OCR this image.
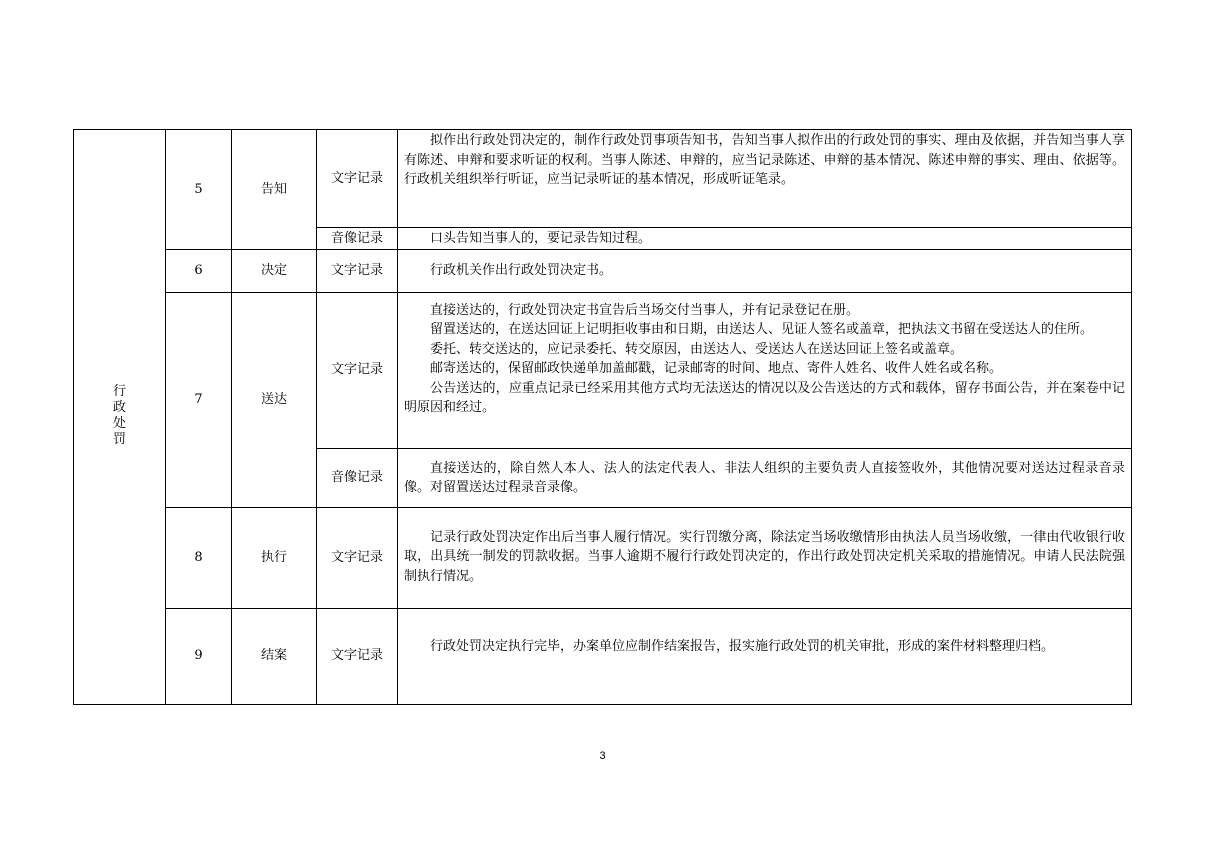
行政处罚	5	告知	文字记录	拟作出行政处罚决定的，制作行政处罚事项告知书，告知当事人拟作出的行政处罚的事实、理由及依据，并告知当事人享有陈述、申辩和要求听证的权利。当事人陈述、申辩的，应当记录陈述、申辩的基本情况、陈述申辩的事实、理由、依据等。行政机关组织举行听证，应当记录听证的基本情况，形成听证笔录。

			音像记录	口头告知当事人的，要记录告知过程。

	6	决定	文字记录	行政机关作出行政处罚决定书。

	7	送达	文字记录	直接送达的，行政处罚决定书宣告后当场交付当事人，并有记录登记在册。

留置送达的，在送达回证上记明拒收事由和日期，由送达人、见证人签名或盖章，把执法文书留在受送达人的住所。

委托、转交送达的，应记录委托、转交原因，由送达人、受送达人在送达回证上签名或盖章。

邮寄送达的，保留邮政快递单加盖邮戳，记录邮寄的时间、地点、寄件人姓名、收件人姓名或名称。

公告送达的，应重点记录已经采用其他方式均无法送达的情况以及公告送达的方式和载体，留存书面公告，并在案卷中记明原因和经过。

			音像记录	直接送达的，除自然人本人、法人的法定代表人、非法人组织的主要负责人直接签收外，其他情况要对送达过程录音录像。对留置送达过程录音录像。

	8	执行	文字记录	记录行政处罚决定作出后当事人履行情况。实行罚缴分离，除法定当场收缴情形由执法人员当场收缴，一律由代收银行收取，出具统一制发的罚款收据。当事人逾期不履行行政处罚决定的，作出行政处罚决定机关采取的措施情况。申请人民法院强制执行情况。

	9	结案	文字记录	行政处罚决定执行完毕，办案单位应制作结案报告，报实施行政处罚的机关审批，形成的案件材料整理归档。

3
